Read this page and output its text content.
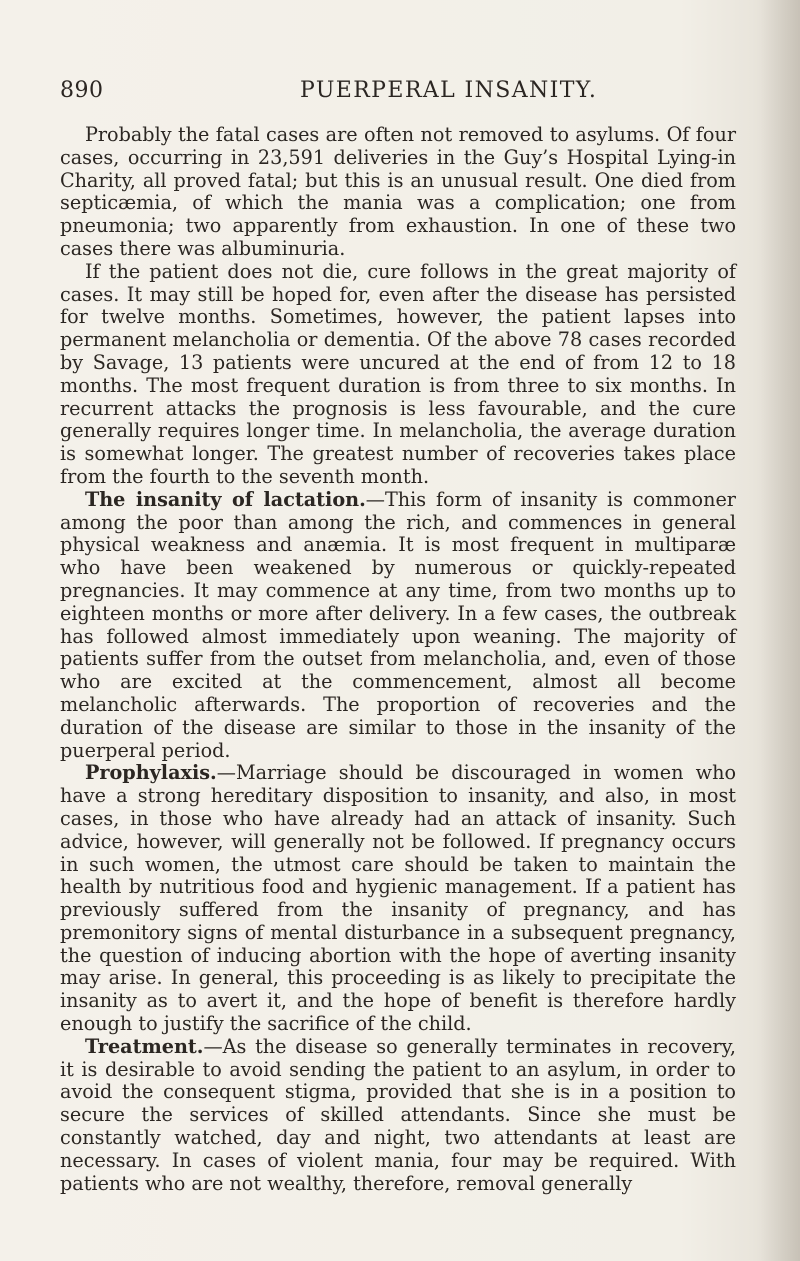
890	PUERPERAL INSANITY.

Probably the fatal cases are often not removed to asylums. Of four cases, occurring in 23,591 deliveries in the Guy’s Hospital Lying-in Charity, all proved fatal; but this is an unusual result. One died from septicæmia, of which the mania was a complication; one from pneumonia; two apparently from exhaustion. In one of these two cases there was albuminuria.

If the patient does not die, cure follows in the great majority of cases. It may still be hoped for, even after the disease has persisted for twelve months. Sometimes, however, the patient lapses into permanent melancholia or dementia. Of the above 78 cases recorded by Savage, 13 patients were uncured at the end of from 12 to 18 months. The most frequent duration is from three to six months. In recurrent attacks the prognosis is less favourable, and the cure generally requires longer time. In melancholia, the average duration is somewhat longer. The greatest number of recoveries takes place from the fourth to the seventh month.

The insanity of lactation.—This form of insanity is commoner among the poor than among the rich, and commences in general physical weakness and anæmia. It is most frequent in multiparæ who have been weakened by numerous or quickly-repeated pregnancies. It may commence at any time, from two months up to eighteen months or more after delivery. In a few cases, the outbreak has followed almost immediately upon weaning. The majority of patients suffer from the outset from melancholia, and, even of those who are excited at the commencement, almost all become melancholic afterwards. The proportion of recoveries and the duration of the disease are similar to those in the insanity of the puerperal period.

Prophylaxis.—Marriage should be discouraged in women who have a strong hereditary disposition to insanity, and also, in most cases, in those who have already had an attack of insanity. Such advice, however, will generally not be followed. If pregnancy occurs in such women, the utmost care should be taken to maintain the health by nutritious food and hygienic management. If a patient has previously suffered from the insanity of pregnancy, and has premonitory signs of mental disturbance in a subsequent pregnancy, the question of inducing abortion with the hope of averting insanity may arise. In general, this proceeding is as likely to precipitate the insanity as to avert it, and the hope of benefit is therefore hardly enough to justify the sacrifice of the child.

Treatment.—As the disease so generally terminates in recovery, it is desirable to avoid sending the patient to an asylum, in order to avoid the consequent stigma, provided that she is in a position to secure the services of skilled attendants. Since she must be constantly watched, day and night, two attendants at least are necessary. In cases of violent mania, four may be required. With patients who are not wealthy, therefore, removal generally
